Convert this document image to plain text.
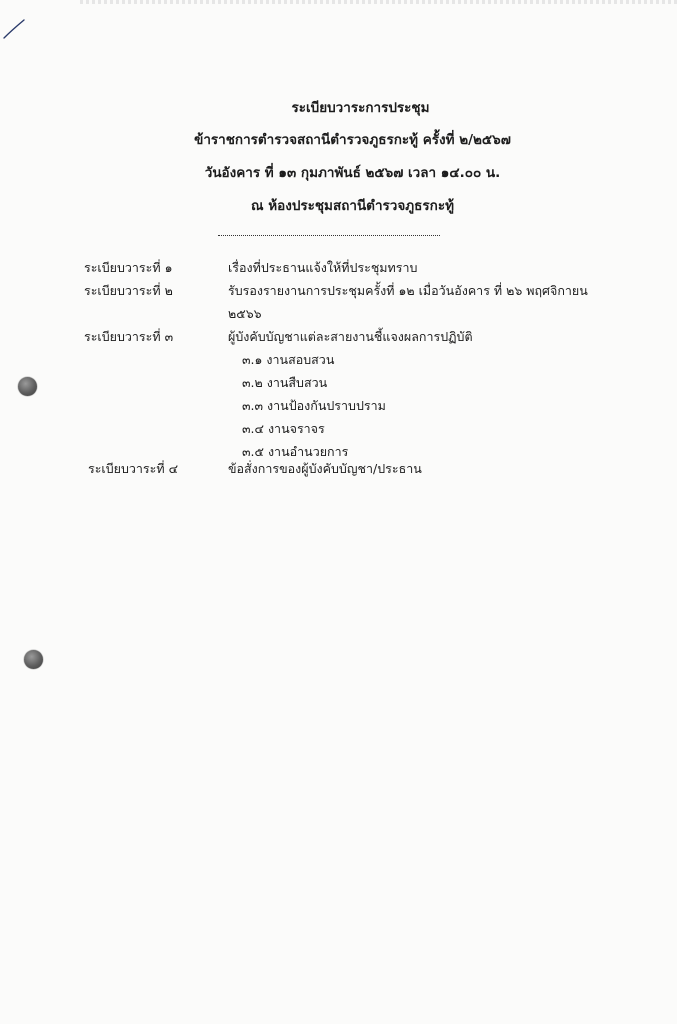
ระเบียบวาระการประชุม
ข้าราชการตำรวจสถานีตำรวจภูธรกะทู้ ครั้งที่ ๒/๒๕๖๗
วันอังคาร ที่ ๑๓ กุมภาพันธ์ ๒๕๖๗ เวลา ๑๔.๐๐ น.
ณ ห้องประชุมสถานีตำรวจภูธรกะทู้
ระเบียบวาระที่ ๑	เรื่องที่ประธานแจ้งให้ที่ประชุมทราบ
ระเบียบวาระที่ ๒	รับรองรายงานการประชุมครั้งที่ ๑๒ เมื่อวันอังคาร ที่ ๒๖ พฤศจิกายน
๒๕๖๖
ระเบียบวาระที่ ๓	ผู้บังคับบัญชาแต่ละสายงานชี้แจงผลการปฏิบัติ
๓.๑ งานสอบสวน
๓.๒ งานสืบสวน
๓.๓ งานป้องกันปราบปราม
๓.๔ งานจราจร
๓.๕ งานอำนวยการ
ระเบียบวาระที่ ๔	ข้อสั่งการของผู้บังคับบัญชา/ประธาน
